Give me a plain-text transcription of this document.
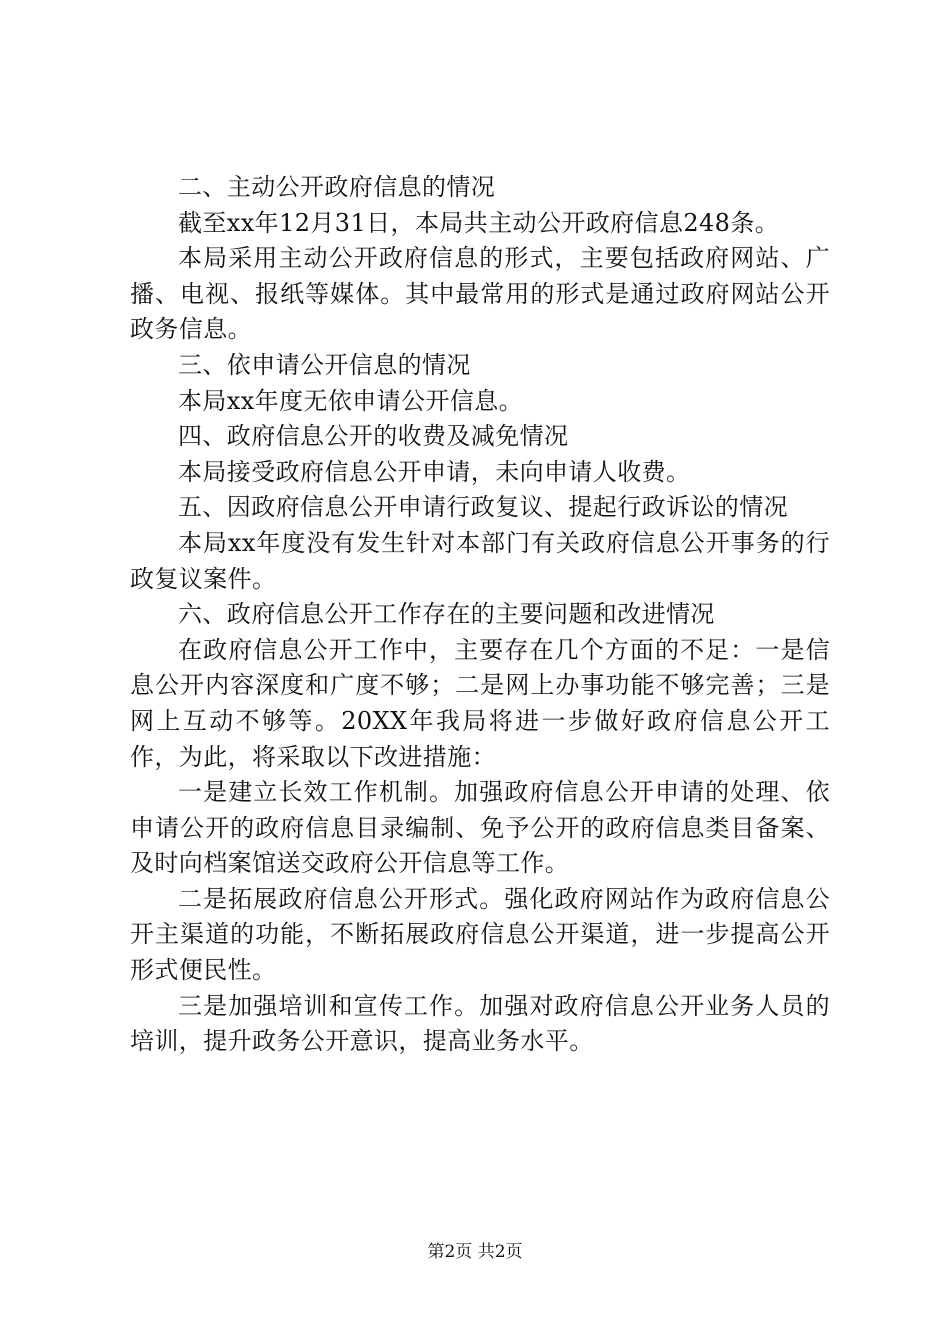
二、主动公开政府信息的情况

截至xx年12月31日，本局共主动公开政府信息248条。

本局采用主动公开政府信息的形式，主要包括政府网站、广播、电视、报纸等媒体。其中最常用的形式是通过政府网站公开政务信息。

三、依申请公开信息的情况

本局xx年度无依申请公开信息。

四、政府信息公开的收费及减免情况

本局接受政府信息公开申请，未向申请人收费。

五、因政府信息公开申请行政复议、提起行政诉讼的情况

本局xx年度没有发生针对本部门有关政府信息公开事务的行政复议案件。

六、政府信息公开工作存在的主要问题和改进情况

在政府信息公开工作中，主要存在几个方面的不足：一是信息公开内容深度和广度不够；二是网上办事功能不够完善；三是网上互动不够等。20XX年我局将进一步做好政府信息公开工作，为此，将采取以下改进措施：

一是建立长效工作机制。加强政府信息公开申请的处理、依申请公开的政府信息目录编制、免予公开的政府信息类目备案、及时向档案馆送交政府公开信息等工作。

二是拓展政府信息公开形式。强化政府网站作为政府信息公开主渠道的功能，不断拓展政府信息公开渠道，进一步提高公开形式便民性。

三是加强培训和宣传工作。加强对政府信息公开业务人员的培训，提升政务公开意识，提高业务水平。

第2页 共2页
